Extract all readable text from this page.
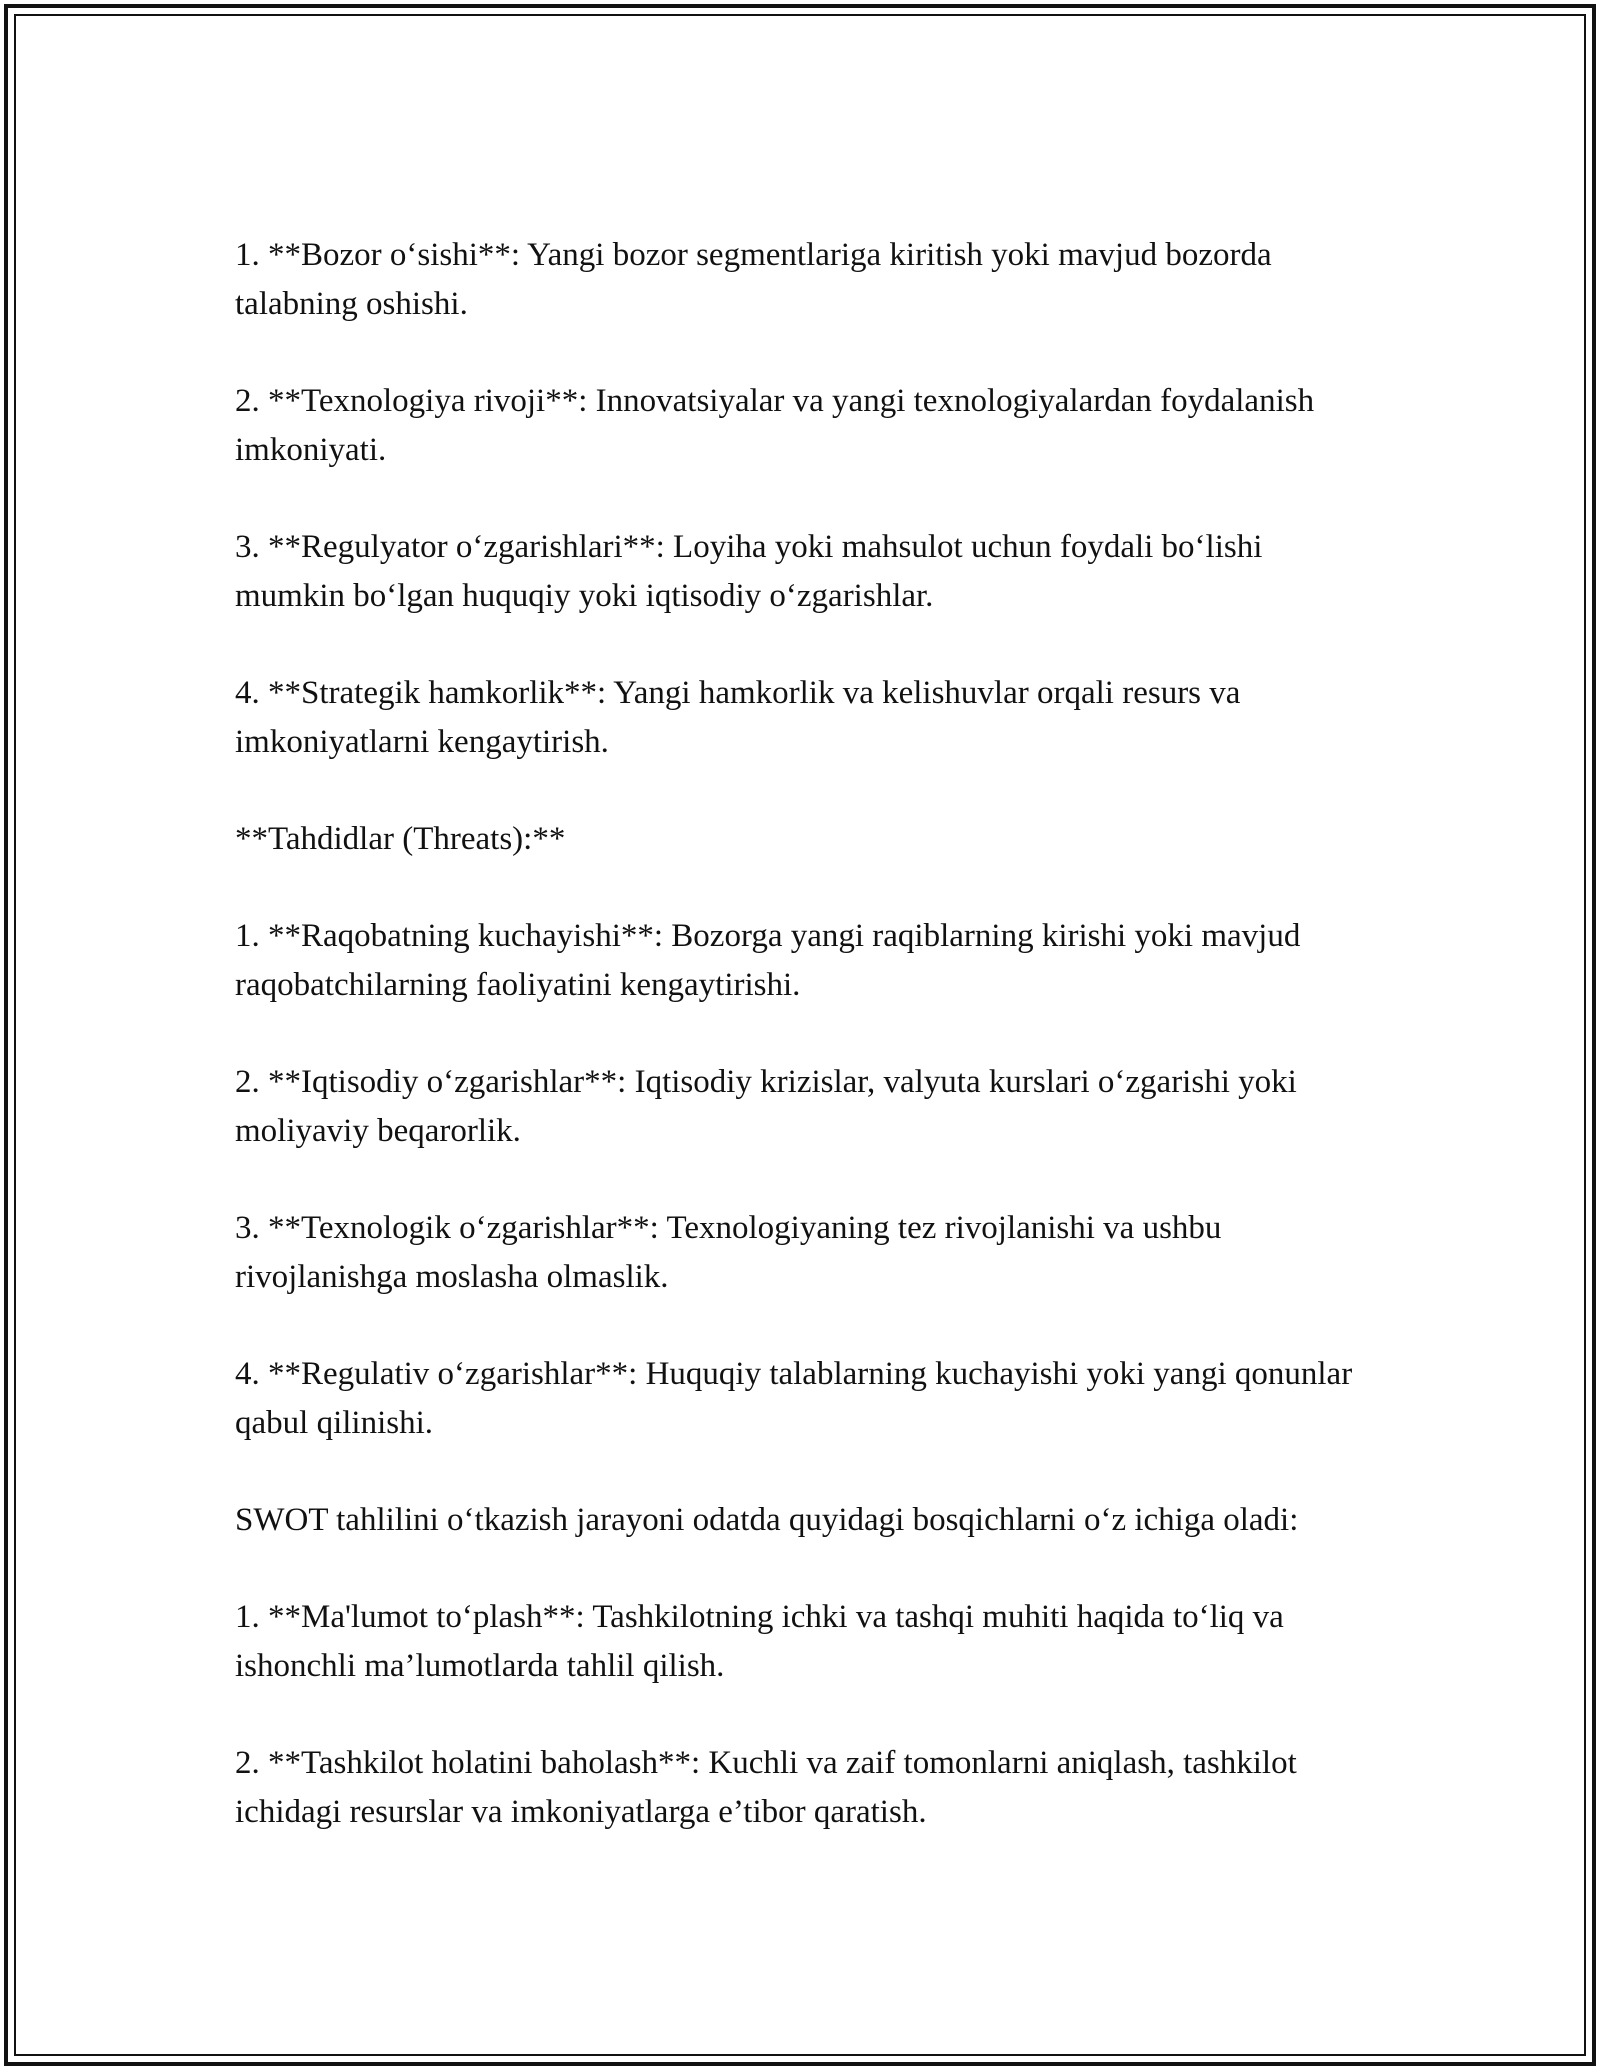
1. **Bozor o‘sishi**: Yangi bozor segmentlariga kiritish yoki mavjud bozorda talabning oshishi.

2. **Texnologiya rivoji**: Innovatsiyalar va yangi texnologiyalardan foydalanish imkoniyati.

3. **Regulyator o‘zgarishlari**: Loyiha yoki mahsulot uchun foydali bo‘lishi mumkin bo‘lgan huquqiy yoki iqtisodiy o‘zgarishlar.

4. **Strategik hamkorlik**: Yangi hamkorlik va kelishuvlar orqali resurs va imkoniyatlarni kengaytirish.

**Tahdidlar (Threats):**

1. **Raqobatning kuchayishi**: Bozorga yangi raqiblarning kirishi yoki mavjud raqobatchilarning faoliyatini kengaytirishi.

2. **Iqtisodiy o‘zgarishlar**: Iqtisodiy krizislar, valyuta kurslari o‘zgarishi yoki moliyaviy beqarorlik.

3. **Texnologik o‘zgarishlar**: Texnologiyaning tez rivojlanishi va ushbu rivojlanishga moslasha olmaslik.

4. **Regulativ o‘zgarishlar**: Huquqiy talablarning kuchayishi yoki yangi qonunlar qabul qilinishi.

SWOT tahlilini o‘tkazish jarayoni odatda quyidagi bosqichlarni o‘z ichiga oladi:

1. **Ma'lumot to‘plash**: Tashkilotning ichki va tashqi muhiti haqida to‘liq va ishonchli ma’lumotlarda tahlil qilish.

2. **Tashkilot holatini baholash**: Kuchli va zaif tomonlarni aniqlash, tashkilot ichidagi resurslar va imkoniyatlarga e’tibor qaratish.
